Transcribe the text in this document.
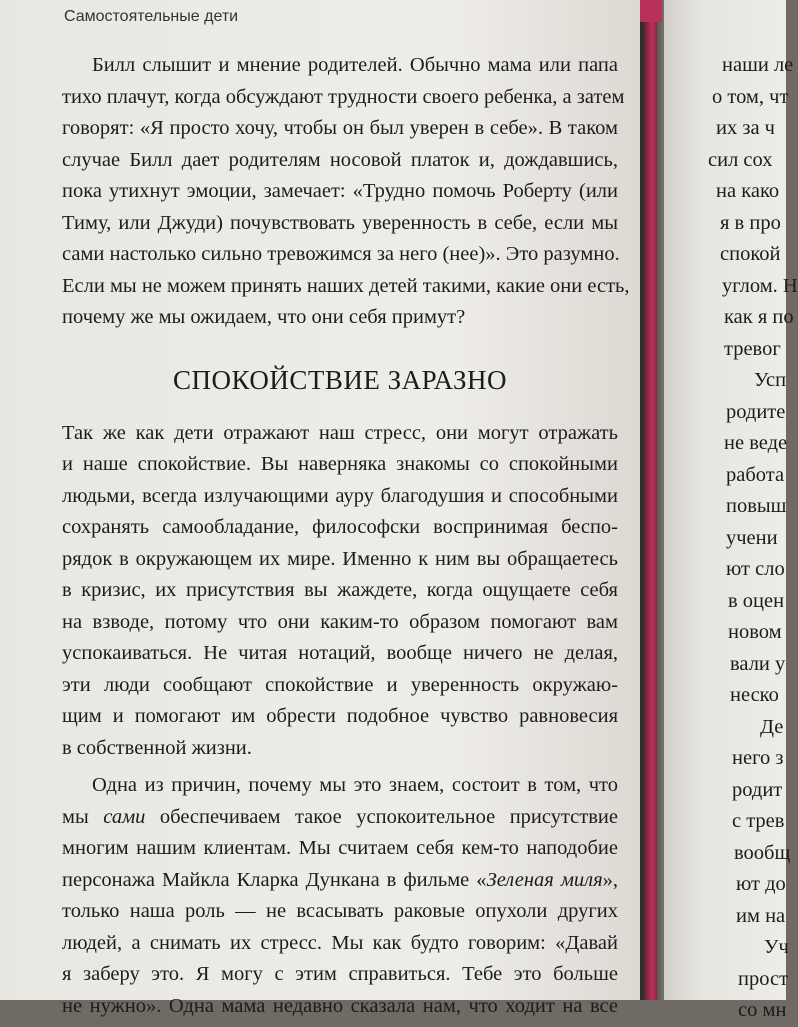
Самостоятельные дети
Билл слышит и мнение родителей. Обычно мама или папа
тихо плачут, когда обсуждают трудности своего ребенка, а затем
говорят: «Я просто хочу, чтобы он был уверен в себе». В таком
случае Билл дает родителям носовой платок и, дождавшись,
пока утихнут эмоции, замечает: «Трудно помочь Роберту (или
Тиму, или Джуди) почувствовать уверенность в себе, если мы
сами настолько сильно тревожимся за него (нее)». Это разумно.
Если мы не можем принять наших детей такими, какие они есть,
почему же мы ожидаем, что они себя примут?
СПОКОЙСТВИЕ ЗАРАЗНО
Так же как дети отражают наш стресс, они могут отражать
и наше спокойствие. Вы наверняка знакомы со спокойными
людьми, всегда излучающими ауру благодушия и способными
сохранять самообладание, философски воспринимая беспо-
рядок в окружающем их мире. Именно к ним вы обращаетесь
в кризис, их присутствия вы жаждете, когда ощущаете себя
на взводе, потому что они каким-то образом помогают вам
успокаиваться. Не читая нотаций, вообще ничего не делая,
эти люди сообщают спокойствие и уверенность окружаю-
щим и помогают им обрести подобное чувство равновесия
в собственной жизни.
Одна из причин, почему мы это знаем, состоит в том, что
мы сами обеспечиваем такое успокоительное присутствие
многим нашим клиентам. Мы считаем себя кем-то наподобие
персонажа Майкла Кларка Дункана в фильме «Зеленая миля»,
только наша роль — не всасывать раковые опухоли других
людей, а снимать их стресс. Мы как будто говорим: «Давай
я заберу это. Я могу с этим справиться. Тебе это больше
не нужно». Одна мама недавно сказала нам, что ходит на все
наши ле
о том, чт
их за ч
сил сох
на како
я в про
спокой
углом. Н
как я по
тревог
Усп
родите
не веде
работа
повыш
учени
ют сло
в оцен
новом
вали у
неско
Де
него з
родит
с трев
вообщ
ют до
им на
Уч
прост
со мн
